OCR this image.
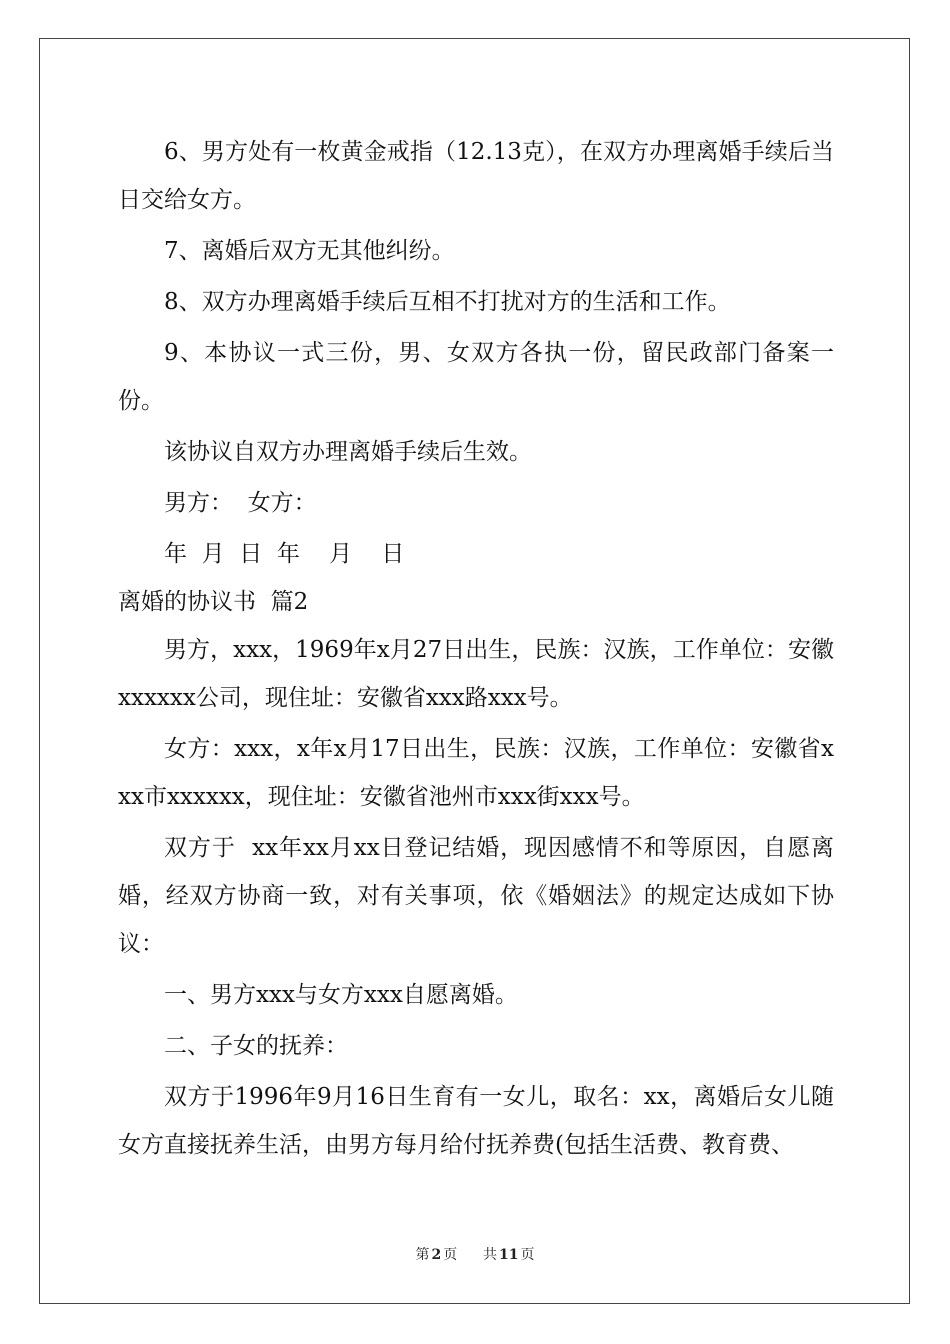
6、男方处有一枚黄金戒指（12.13克），在双方办理离婚手续后当日交给女方。

7、离婚后双方无其他纠纷。

8、双方办理离婚手续后互相不打扰对方的生活和工作。

9、本协议一式三份，男、女双方各执一份，留民政部门备案一份。

该协议自双方办理离婚手续后生效。

男方：  女方：

年  月  日  年    月    日

离婚的协议书  篇2

男方，xxx，1969年x月27日出生，民族：汉族，工作单位：安徽xxxxxx公司，现住址：安徽省xxx路xxx号。

女方：xxx，x年x月17日出生，民族：汉族，工作单位：安徽省xxx市xxxxxx，现住址：安徽省池州市xxx街xxx号。

双方于  xx年xx月xx日登记结婚，现因感情不和等原因，自愿离婚，经双方协商一致，对有关事项，依《婚姻法》的规定达成如下协议：

一、男方xxx与女方xxx自愿离婚。

二、子女的抚养：

双方于1996年9月16日生育有一女儿，取名：xx，离婚后女儿随女方直接抚养生活，由男方每月给付抚养费(包括生活费、教育费、

第 2 页 共 11 页
